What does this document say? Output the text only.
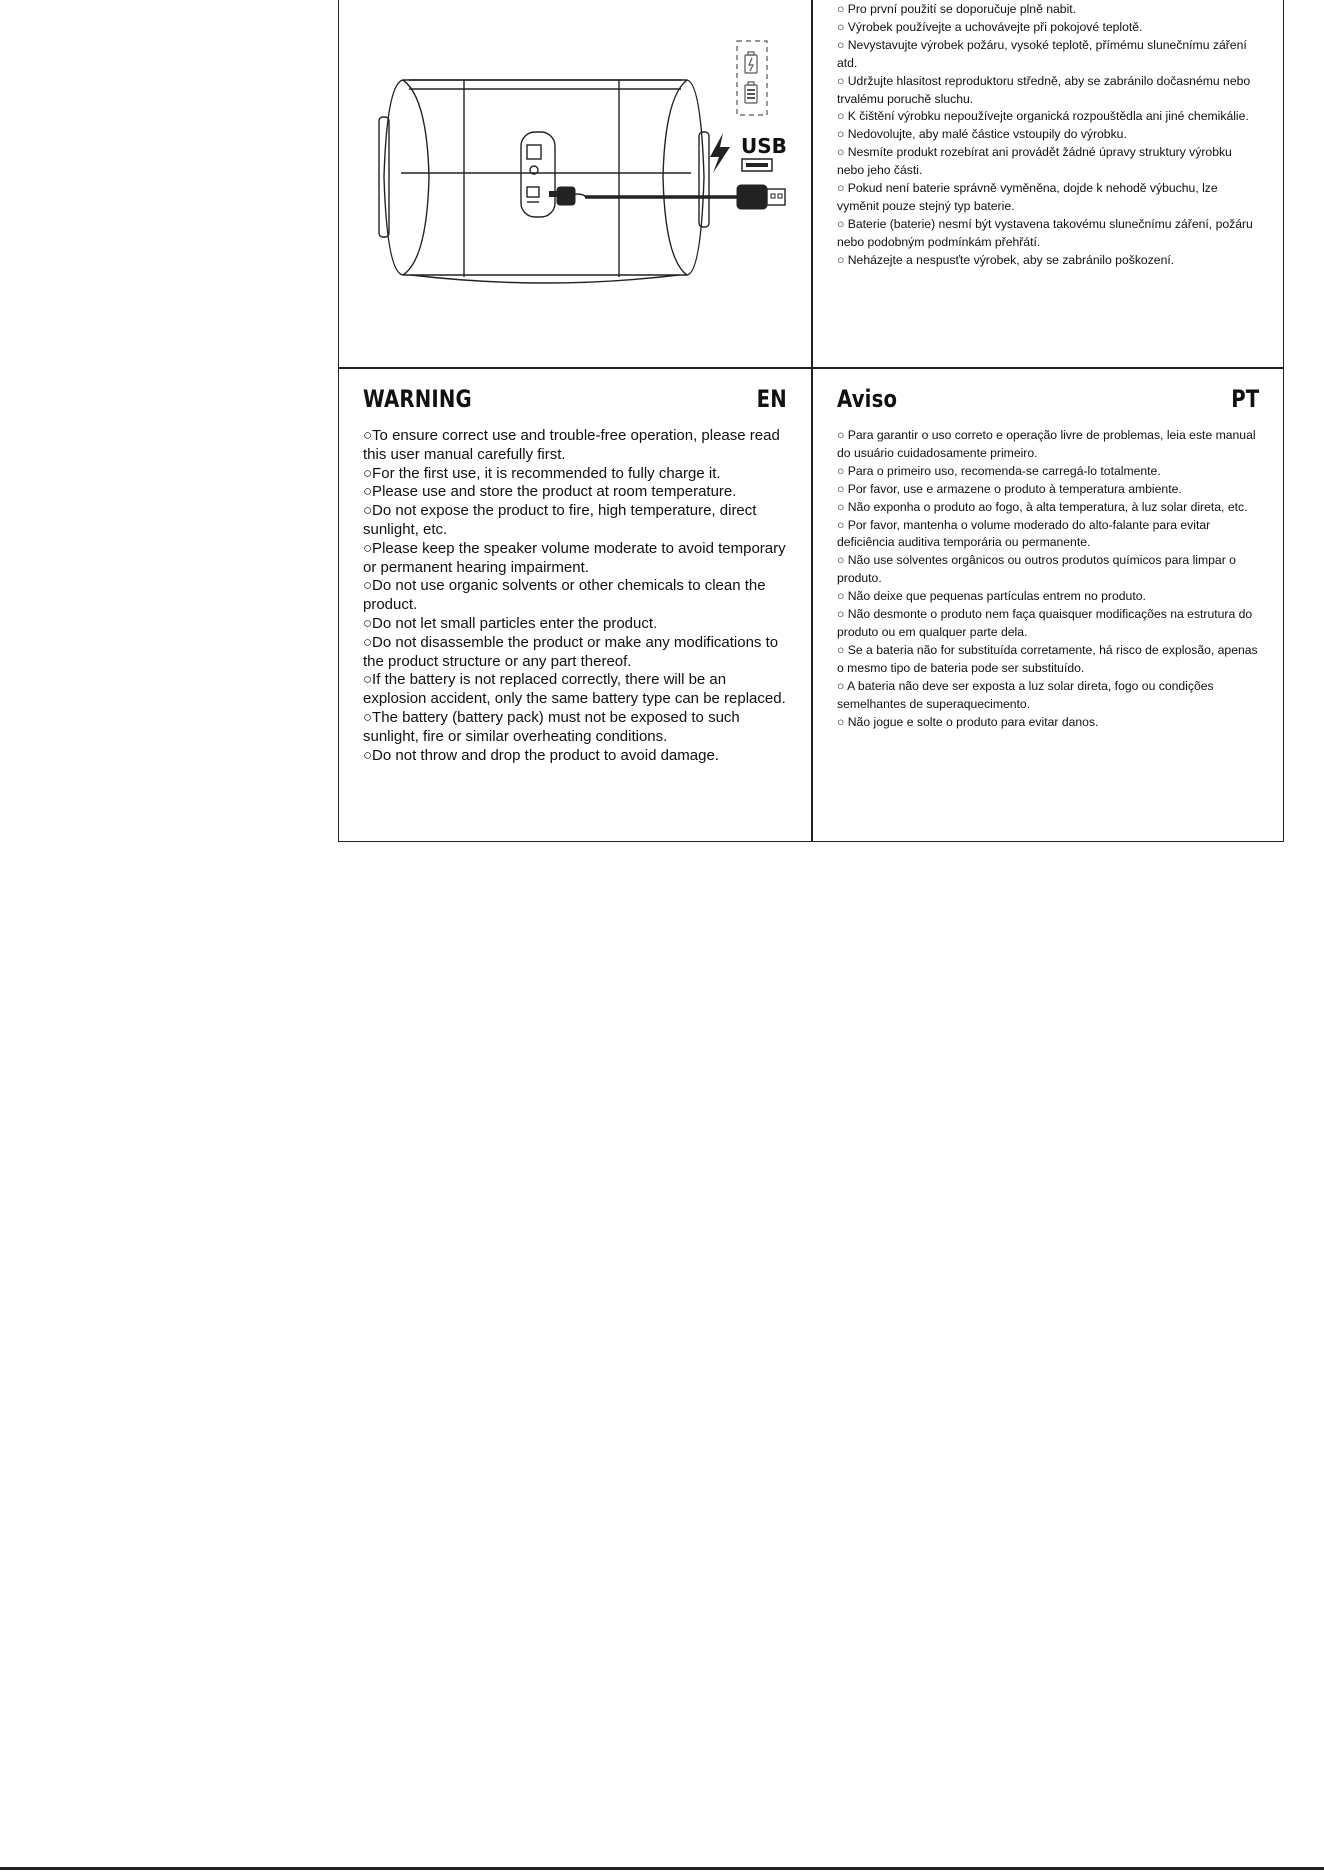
USB
○ Pro první použití se doporučuje plně nabit.
○ Výrobek používejte a uchovávejte při pokojové teplotě.
○ Nevystavujte výrobek požáru, vysoké teplotě, přímému slunečnímu záření atd.
○ Udržujte hlasitost reproduktoru středně, aby se zabránilo dočasnému nebo trvalému poruchě sluchu.
○ K čištění výrobku nepoužívejte organická rozpouštědla ani jiné chemikálie.
○ Nedovolujte, aby malé částice vstoupily do výrobku.
○ Nesmíte produkt rozebírat ani provádět žádné úpravy struktury výrobku nebo jeho části.
○ Pokud není baterie správně vyměněna, dojde k nehodě výbuchu, lze vyměnit pouze stejný typ baterie.
○ Baterie (baterie) nesmí být vystavena takovému slunečnímu záření, požáru nebo podobným podmínkám přehřátí.
○ Neházejte a nespusťte výrobek, aby se zabránilo poškození.
WARNING	EN
○To ensure correct use and trouble-free operation, please read this user manual carefully first.
○For the first use, it is recommended to fully charge it.
○Please use and store the product at room temperature.
○Do not expose the product to fire, high temperature, direct sunlight, etc.
○Please keep the speaker volume moderate to avoid temporary or permanent hearing impairment.
○Do not use organic solvents or other chemicals to clean the product.
○Do not let small particles enter the product.
○Do not disassemble the product or make any modifications to the product structure or any part thereof.
○If the battery is not replaced correctly, there will be an explosion accident, only the same battery type can be replaced.
○The battery (battery pack) must not be exposed to such sunlight, fire or similar overheating conditions.
○Do not throw and drop the product to avoid damage.
Aviso	PT
○ Para garantir o uso correto e operação livre de problemas, leia este manual do usuário cuidadosamente primeiro.
○ Para o primeiro uso, recomenda-se carregá-lo totalmente.
○ Por favor, use e armazene o produto à temperatura ambiente.
○ Não exponha o produto ao fogo, à alta temperatura, à luz solar direta, etc.
○ Por favor, mantenha o volume moderado do alto-falante para evitar deficiência auditiva temporária ou permanente.
○ Não use solventes orgânicos ou outros produtos químicos para limpar o produto.
○ Não deixe que pequenas partículas entrem no produto.
○ Não desmonte o produto nem faça quaisquer modificações na estrutura do produto ou em qualquer parte dela.
○ Se a bateria não for substituída corretamente, há risco de explosão, apenas o mesmo tipo de bateria pode ser substituído.
○ A bateria não deve ser exposta a luz solar direta, fogo ou condições semelhantes de superaquecimento.
○ Não jogue e solte o produto para evitar danos.
